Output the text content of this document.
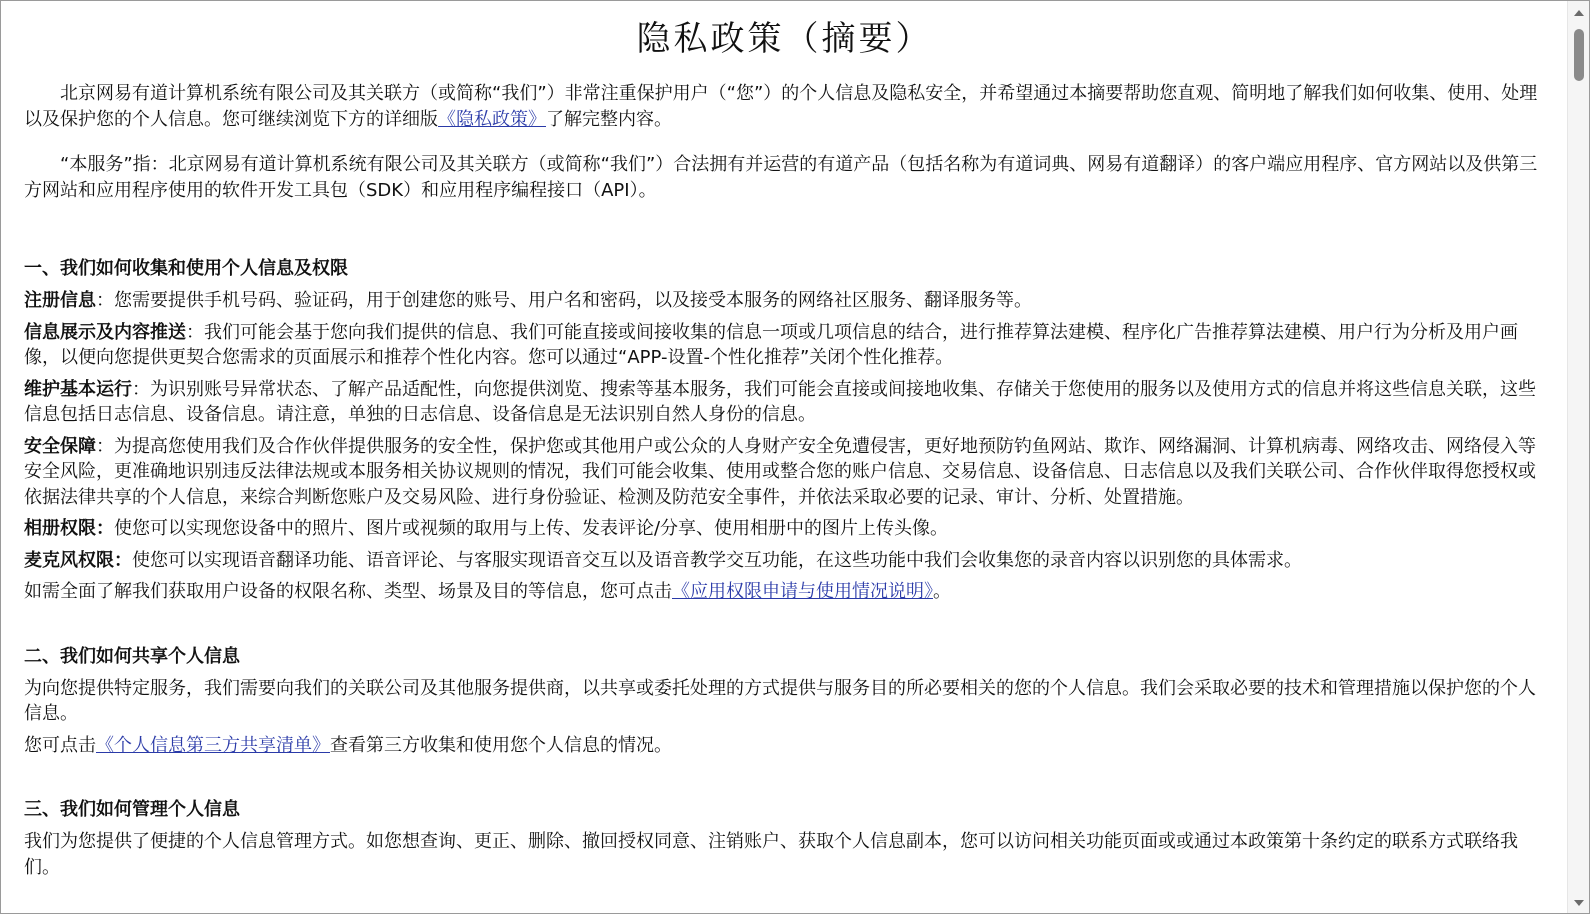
隐私政策（摘要）

北京网易有道计算机系统有限公司及其关联方（或简称“我们”）非常注重保护用户（“您”）的个人信息及隐私安全，并希望通过本摘要帮助您直观、简明地了解我们如何收集、使用、处理以及保护您的个人信息。您可继续浏览下方的详细版《隐私政策》了解完整内容。

“本服务”指：北京网易有道计算机系统有限公司及其关联方（或简称“我们”）合法拥有并运营的有道产品（包括名称为有道词典、网易有道翻译）的客户端应用程序、官方网站以及供第三方网站和应用程序使用的软件开发工具包（SDK）和应用程序编程接口（API）。

一、我们如何收集和使用个人信息及权限

注册信息：您需要提供手机号码、验证码，用于创建您的账号、用户名和密码，以及接受本服务的网络社区服务、翻译服务等。

信息展示及内容推送：我们可能会基于您向我们提供的信息、我们可能直接或间接收集的信息一项或几项信息的结合，进行推荐算法建模、程序化广告推荐算法建模、用户行为分析及用户画像，以便向您提供更契合您需求的页面展示和推荐个性化内容。您可以通过“APP-设置-个性化推荐”关闭个性化推荐。

维护基本运行：为识别账号异常状态、了解产品适配性，向您提供浏览、搜索等基本服务，我们可能会直接或间接地收集、存储关于您使用的服务以及使用方式的信息并将这些信息关联，这些信息包括日志信息、设备信息。请注意，单独的日志信息、设备信息是无法识别自然人身份的信息。

安全保障：为提高您使用我们及合作伙伴提供服务的安全性，保护您或其他用户或公众的人身财产安全免遭侵害，更好地预防钓鱼网站、欺诈、网络漏洞、计算机病毒、网络攻击、网络侵入等安全风险，更准确地识别违反法律法规或本服务相关协议规则的情况，我们可能会收集、使用或整合您的账户信息、交易信息、设备信息、日志信息以及我们关联公司、合作伙伴取得您授权或依据法律共享的个人信息，来综合判断您账户及交易风险、进行身份验证、检测及防范安全事件，并依法采取必要的记录、审计、分析、处置措施。

相册权限：使您可以实现您设备中的照片、图片或视频的取用与上传、发表评论/分享、使用相册中的图片上传头像。

麦克风权限：使您可以实现语音翻译功能、语音评论、与客服实现语音交互以及语音教学交互功能，在这些功能中我们会收集您的录音内容以识别您的具体需求。

如需全面了解我们获取用户设备的权限名称、类型、场景及目的等信息，您可点击《应用权限申请与使用情况说明》。

二、我们如何共享个人信息

为向您提供特定服务，我们需要向我们的关联公司及其他服务提供商，以共享或委托处理的方式提供与服务目的所必要相关的您的个人信息。我们会采取必要的技术和管理措施以保护您的个人信息。

您可点击《个人信息第三方共享清单》查看第三方收集和使用您个人信息的情况。

三、我们如何管理个人信息

我们为您提供了便捷的个人信息管理方式。如您想查询、更正、删除、撤回授权同意、注销账户、获取个人信息副本，您可以访问相关功能页面或或通过本政策第十条约定的联系方式联络我们。
